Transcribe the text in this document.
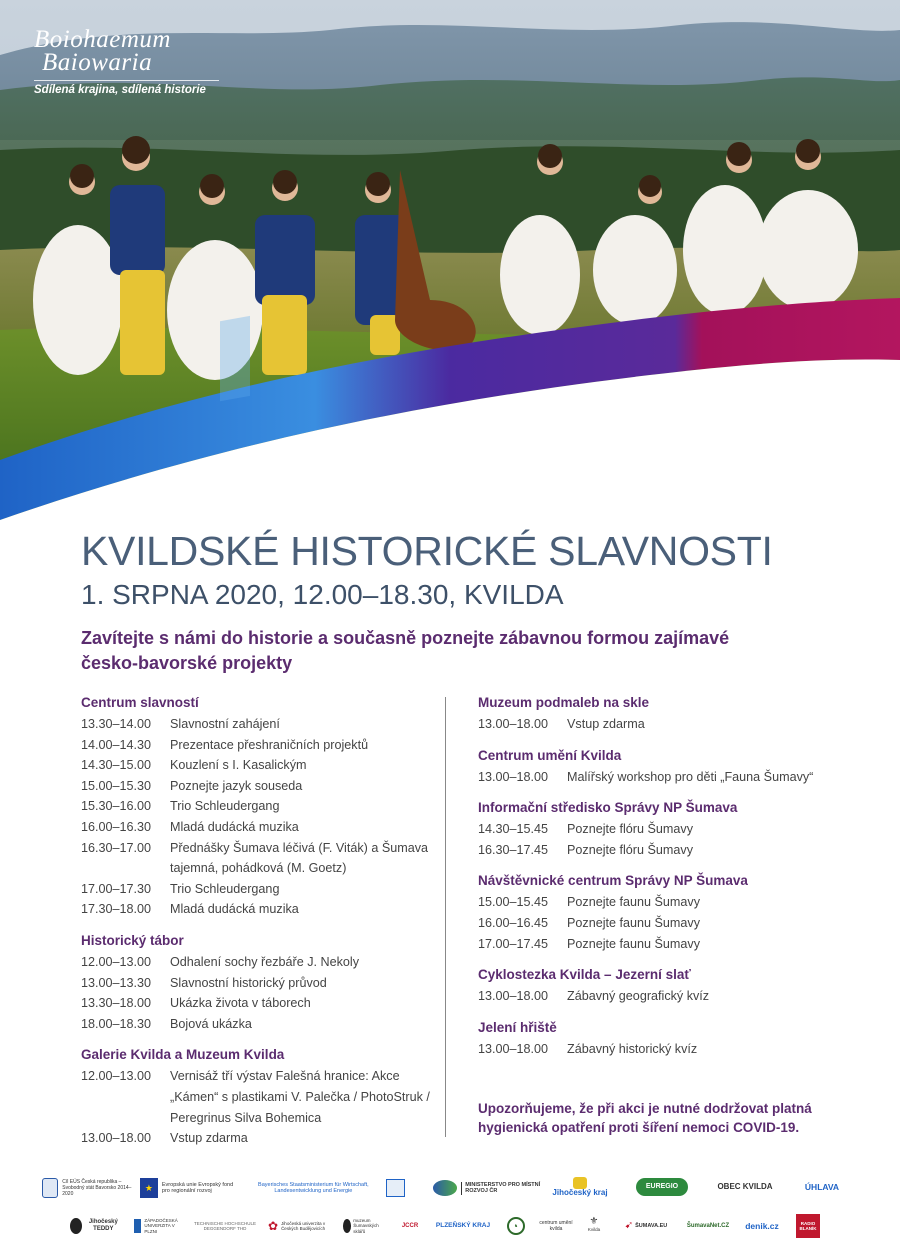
Boiohaemum
Baiowaria
Sdílená krajina, sdílená historie
KVILDSKÉ HISTORICKÉ SLAVNOSTI
1. SRPNA 2020, 12.00–18.30, KVILDA
Zavítejte s námi do historie a současně poznejte zábavnou formou zajímavé česko-bavorské projekty
Centrum slavností
13.30–14.00	Slavnostní zahájení
14.00–14.30	Prezentace přeshraničních projektů
14.30–15.00	Kouzlení s I. Kasalickým
15.00–15.30	Poznejte jazyk souseda
15.30–16.00	Trio Schleudergang
16.00–16.30	Mladá dudácká muzika
16.30–17.00	Přednášky Šumava léčivá (F. Viták) a Šumava tajemná, pohádková (M. Goetz)
17.00–17.30	Trio Schleudergang
17.30–18.00	Mladá dudácká muzika
Historický tábor
12.00–13.00	Odhalení sochy řezbáře J. Nekoly
13.00–13.30	Slavnostní historický průvod
13.30–18.00	Ukázka života v táborech
18.00–18.30	Bojová ukázka
Galerie Kvilda a Muzeum Kvilda
12.00–13.00	Vernisáž tří výstav Falešná hranice: Akce „Kámen“ s plastikami V. Palečka / PhotoStruk / Peregrinus Silva Bohemica
13.00–18.00	Vstup zdarma
Muzeum podmaleb na skle
13.00–18.00	Vstup zdarma
Centrum umění Kvilda
13.00–18.00	Malířský workshop pro děti „Fauna Šumavy“
Informační středisko Správy NP Šumava
14.30–15.45	Poznejte flóru Šumavy
16.30–17.45	Poznejte flóru Šumavy
Návštěvnické centrum Správy NP Šumava
15.00–15.45	Poznejte faunu Šumavy
16.00–16.45	Poznejte faunu Šumavy
17.00–17.45	Poznejte faunu Šumavy
Cyklostezka Kvilda – Jezerní slať
13.00–18.00	Zábavný geografický kvíz
Jelení hřiště
13.00–18.00	Zábavný historický kvíz
Upozorňujeme, že při akci je nutné dodržovat platná hygienická opatření proti šíření nemoci COVID-19.
Cíl EÚS Česká republika – Svobodný stát Bavorsko 2014–2020
★	Evropská unie Evropský fond pro regionální rozvoj
Bayerisches Staatsministerium für Wirtschaft, Landesentwicklung und Energie
MINISTERSTVO PRO MÍSTNÍ ROZVOJ ČR	Jihočeský kraj
EUREGIO	OBEC KVILDA	ÚHLAVA
Jihočeský TEDDY
ZÁPADOČESKÁ UNIVERZITA V PLZNI
TECHNISCHE HOCHSCHULE DEGGENDORF THD	✿ Jihočeská univerzita v Českých Budějovicích
muzeum Šumavských sklářů
JCCR	PLZEŇSKÝ KRAJ	♞	centrum umění kvilda
⚜
Kvilda ➹ ŠUMAVA.EU	ŠumavaNet.CZ	denik.cz	RADIO BLANÍK
